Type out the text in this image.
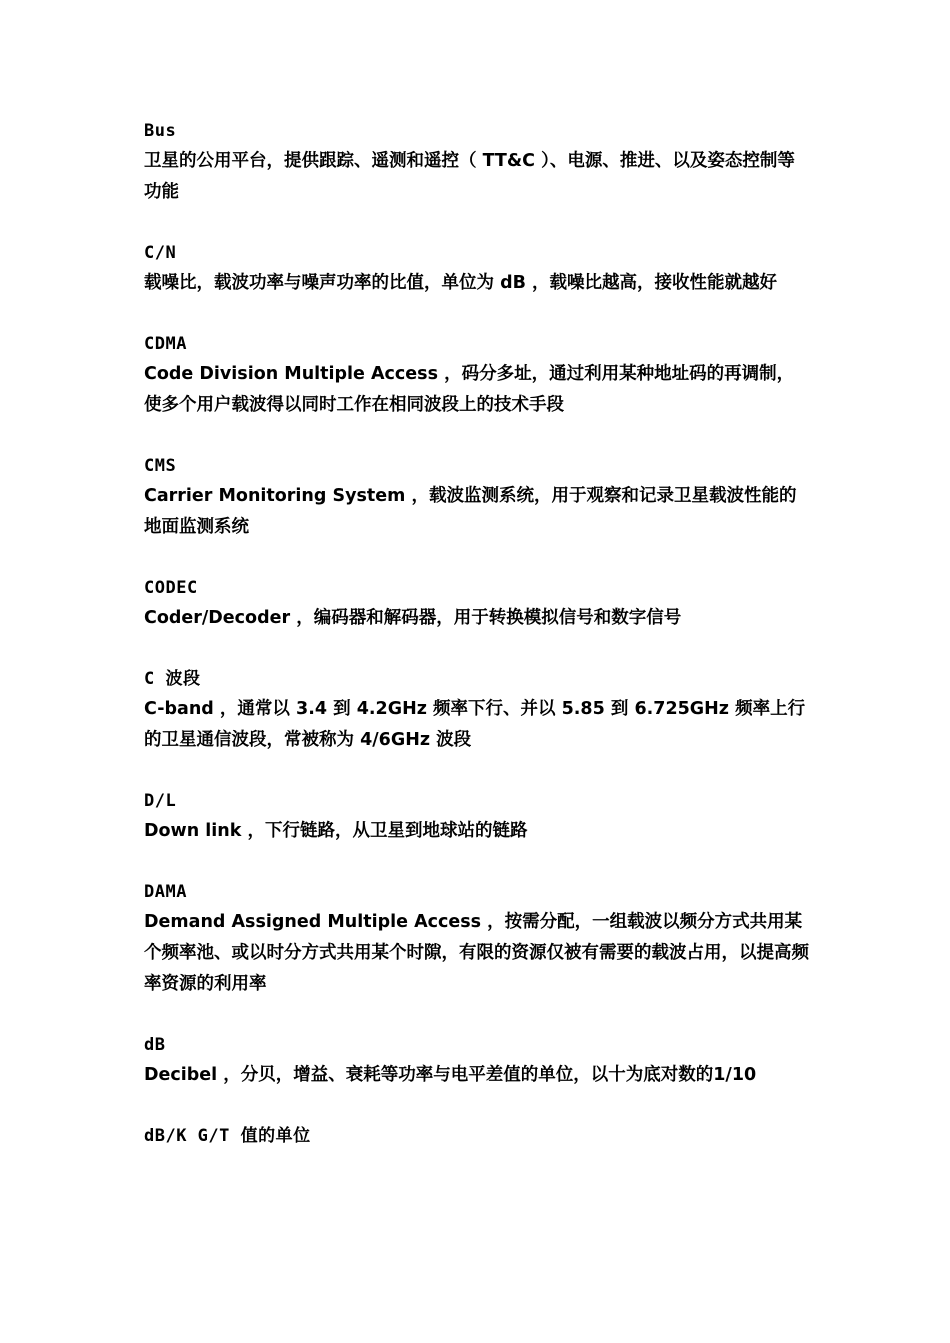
Bus
卫星的公用平台，提供跟踪、遥测和遥控（ TT&C ）、电源、推进、以及姿态控制等功能
C/N
载噪比，载波功率与噪声功率的比值，单位为 dB ，载噪比越高，接收性能就越好
CDMA
Code Division Multiple Access ，码分多址，通过利用某种地址码的再调制，使多个用户载波得以同时工作在相同波段上的技术手段
CMS
Carrier Monitoring System ，载波监测系统，用于观察和记录卫星载波性能的地面监测系统
CODEC
Coder/Decoder ，编码器和解码器，用于转换模拟信号和数字信号
C 波段
C-band ，通常以 3.4 到 4.2GHz 频率下行、并以 5.85 到 6.725GHz 频率上行的卫星通信波段，常被称为 4/6GHz 波段
D/L
Down link ，下行链路，从卫星到地球站的链路
DAMA
Demand Assigned Multiple Access ，按需分配，一组载波以频分方式共用某个频率池、或以时分方式共用某个时隙，有限的资源仅被有需要的载波占用，以提高频率资源的利用率
dB
Decibel ，分贝，增益、衰耗等功率与电平差值的单位，以十为底对数的1/10
dB/K G/T 值的单位
